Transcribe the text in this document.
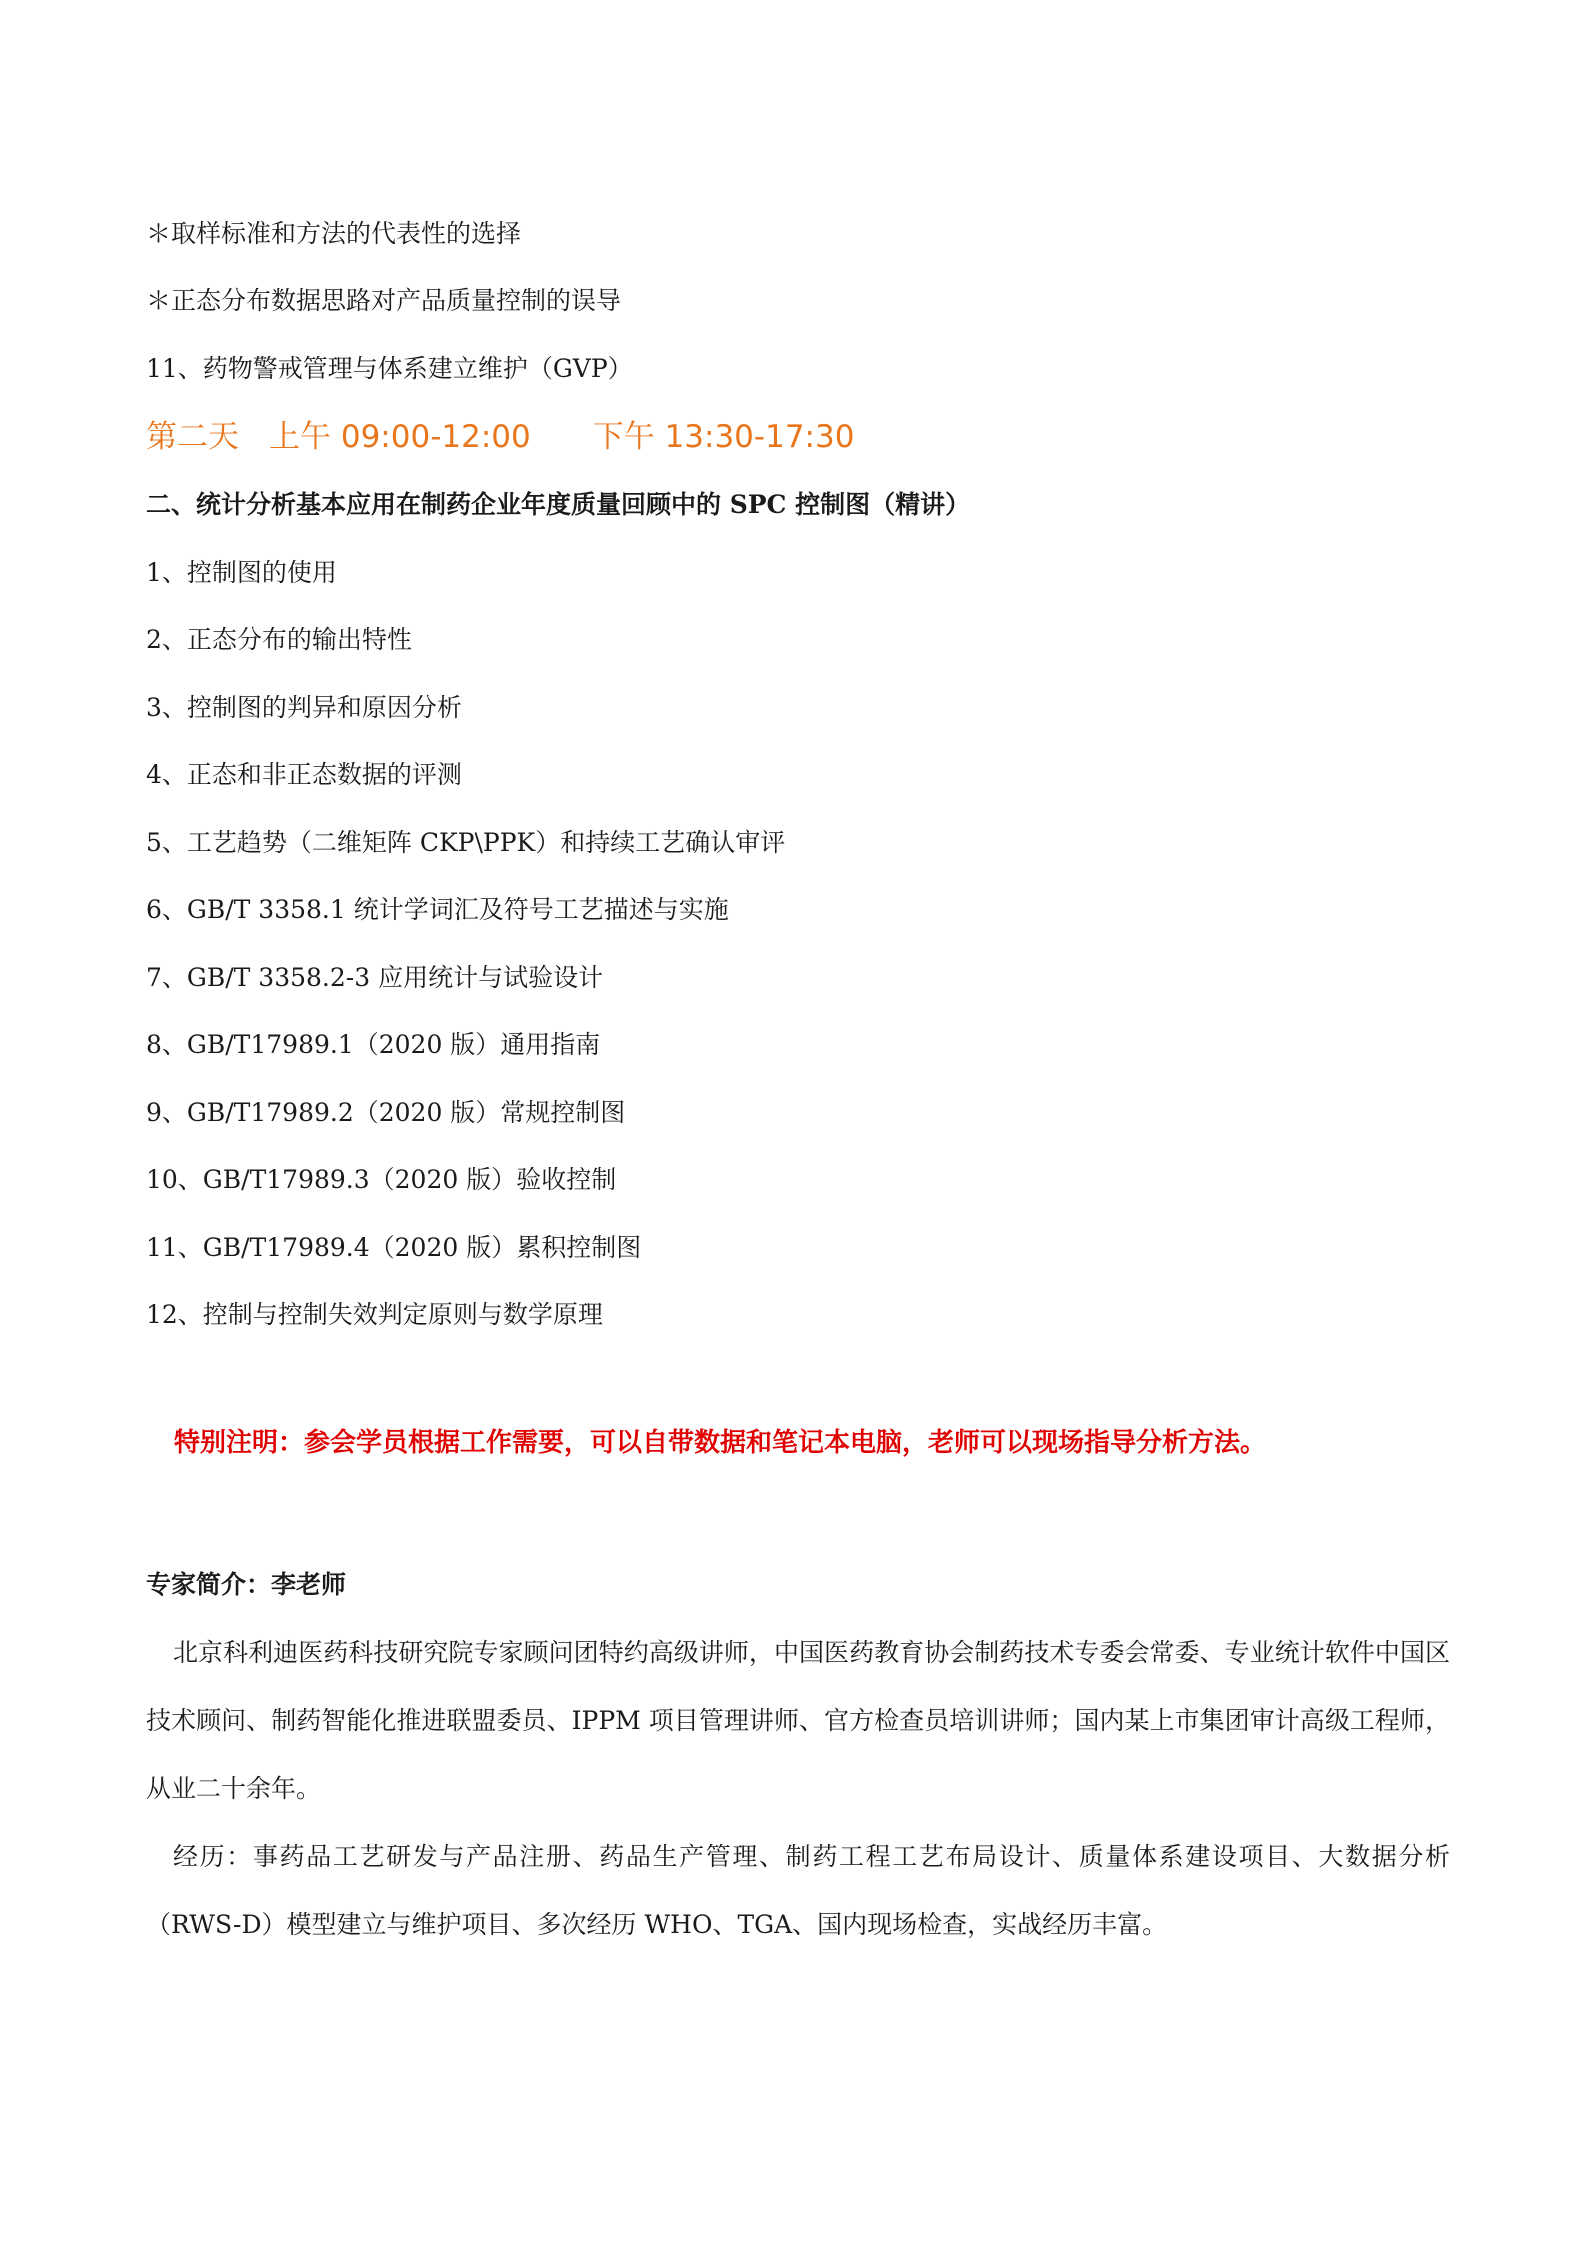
＊取样标准和方法的代表性的选择
＊正态分布数据思路对产品质量控制的误导
11、药物警戒管理与体系建立维护（GVP）
第二天 上午 09:00-12:00 下午 13:30-17:30
二、统计分析基本应用在制药企业年度质量回顾中的 SPC 控制图（精讲）
1、控制图的使用
2、正态分布的输出特性
3、控制图的判异和原因分析
4、正态和非正态数据的评测
5、工艺趋势（二维矩阵 CKP\PPK）和持续工艺确认审评
6、GB/T 3358.1 统计学词汇及符号工艺描述与实施
7、GB/T 3358.2-3 应用统计与试验设计
8、GB/T17989.1（2020 版）通用指南
9、GB/T17989.2（2020 版）常规控制图
10、GB/T17989.3（2020 版）验收控制
11、GB/T17989.4（2020 版）累积控制图
12、控制与控制失效判定原则与数学原理
特别注明：参会学员根据工作需要，可以自带数据和笔记本电脑，老师可以现场指导分析方法。
专家简介：李老师
北京科利迪医药科技研究院专家顾问团特约高级讲师，中国医药教育协会制药技术专委会常委、专业统计软件中国区技术顾问、制药智能化推进联盟委员、IPPM 项目管理讲师、官方检查员培训讲师；国内某上市集团审计高级工程师，从业二十余年。
经历：事药品工艺研发与产品注册、药品生产管理、制药工程工艺布局设计、质量体系建设项目、大数据分析（RWS-D）模型建立与维护项目、多次经历 WHO、TGA、国内现场检查，实战经历丰富。
